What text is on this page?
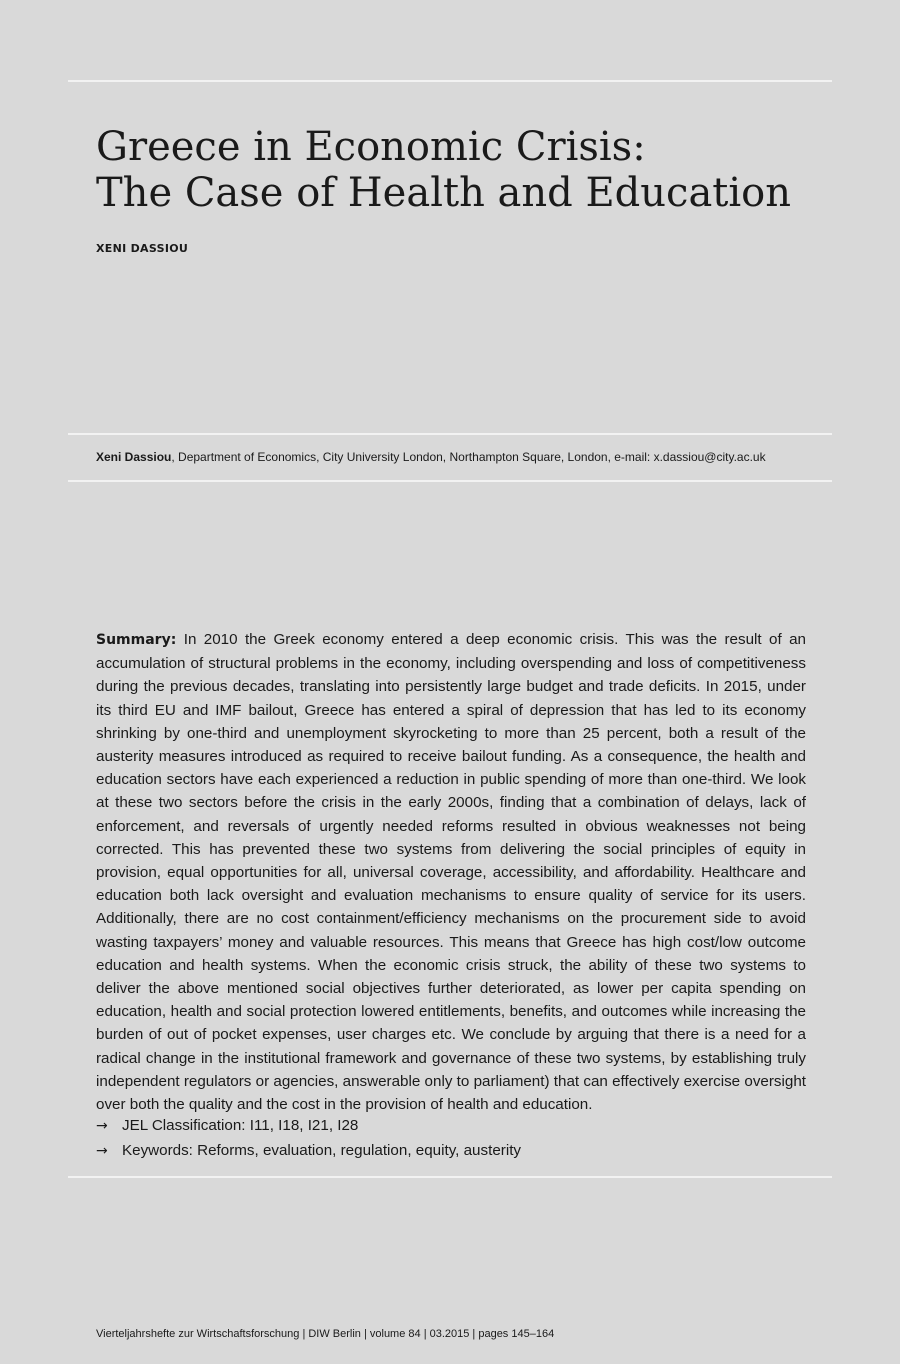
Greece in Economic Crisis:
The Case of Health and Education
XENI DASSIOU
Xeni Dassiou, Department of Economics, City University London, Northampton Square, London, e-mail: x.dassiou@city.ac.uk

Summary: In 2010 the Greek economy entered a deep economic crisis. This was the result of an accumulation of structural problems in the economy, including overspending and loss of competitiveness during the previous decades, translating into persistently large budget and trade deficits. In 2015, under its third EU and IMF bailout, Greece has entered a spiral of depression that has led to its economy shrinking by one-third and unemployment skyrocketing to more than 25 percent, both a result of the austerity measures introduced as required to receive bailout funding. As a consequence, the health and education sectors have each experienced a reduction in public spending of more than one-third. We look at these two sectors before the crisis in the early 2000s, finding that a combination of delays, lack of enforcement, and reversals of urgently needed reforms resulted in obvious weaknesses not being corrected. This has prevented these two systems from delivering the social principles of equity in provision, equal opportunities for all, universal coverage, accessibility, and affordability. Healthcare and education both lack oversight and evaluation mechanisms to ensure quality of service for its users. Additionally, there are no cost containment/efficiency mechanisms on the procurement side to avoid wasting taxpayers’ money and valuable resources. This means that Greece has high cost/low outcome education and health systems. When the economic crisis struck, the ability of these two systems to deliver the above mentioned social objectives further deteriorated, as lower per capita spending on education, health and social protection lowered entitlements, benefits, and outcomes while increasing the burden of out of pocket expenses, user charges etc. We conclude by arguing that there is a need for a radical change in the institutional framework and governance of these two systems, by establishing truly independent regulators or agencies, answerable only to parliament) that can effectively exercise oversight over both the quality and the cost in the provision of health and education.

→ JEL Classification: I11, I18, I21, I28
→ Keywords: Reforms, evaluation, regulation, equity, austerity
Vierteljahrshefte zur Wirtschaftsforschung | DIW Berlin | volume 84 | 03.2015 | pages 145–164
